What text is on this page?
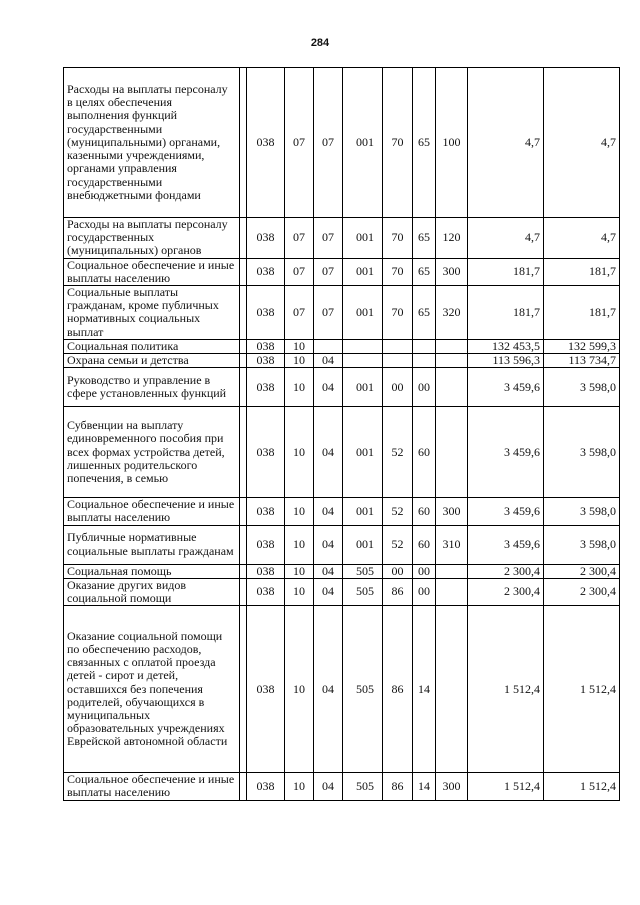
284
Расходы на выплаты персоналу в целях обеспечения выполнения функций государственными (муниципальными) органами, казенными учреждениями, органами управления государственными внебюджетными фондами		038	07	07	001	70	65	100	4,7	4,7
Расходы на выплаты персоналу государственных (муниципальных) органов		038	07	07	001	70	65	120	4,7	4,7
Социальное обеспечение и иные выплаты населению		038	07	07	001	70	65	300	181,7	181,7
Социальные выплаты гражданам, кроме публичных нормативных социальных выплат		038	07	07	001	70	65	320	181,7	181,7
Социальная политика		038	10						132 453,5	132 599,3
Охрана семьи и детства		038	10	04					113 596,3	113 734,7
Руководство и управление в сфере установленных функций		038	10	04	001	00	00		3 459,6	3 598,0
Субвенции на выплату единовременного пособия при всех формах устройства детей, лишенных родительского попечения, в семью		038	10	04	001	52	60		3 459,6	3 598,0
Социальное обеспечение и иные выплаты населению		038	10	04	001	52	60	300	3 459,6	3 598,0
Публичные нормативные социальные выплаты гражданам		038	10	04	001	52	60	310	3 459,6	3 598,0
Социальная помощь		038	10	04	505	00	00		2 300,4	2 300,4
Оказание других видов социальной помощи		038	10	04	505	86	00		2 300,4	2 300,4
Оказание социальной помощи по обеспечению расходов, связанных с оплатой проезда детей - сирот и детей, оставшихся без попечения родителей, обучающихся в муниципальных образовательных учреждениях Еврейской автономной области		038	10	04	505	86	14		1 512,4	1 512,4
Социальное обеспечение и иные выплаты населению		038	10	04	505	86	14	300	1 512,4	1 512,4
